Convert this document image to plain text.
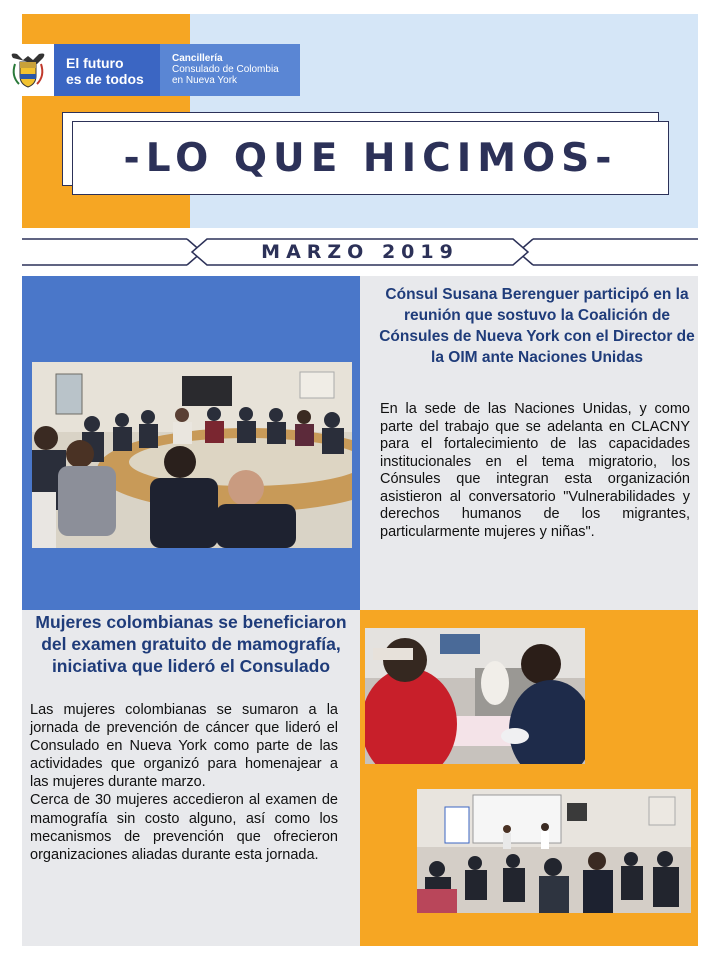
El futuro
es de todos
Cancillería
Consulado de Colombia
en Nueva York
-LO QUE HICIMOS-
MARZO 2019
Cónsul Susana Berenguer participó en la reunión que sostuvo la Coalición de Cónsules de Nueva York con el Director de la OIM ante Naciones Unidas
En la sede de las Naciones Unidas, y como parte del trabajo que se adelanta en CLACNY para el fortalecimiento de las capacidades institucionales en el tema migratorio, los Cónsules que integran esta organización asistieron al conversatorio "Vulnerabilidades y derechos humanos de los migrantes, particularmente mujeres y niñas".
Mujeres colombianas se beneficiaron del examen gratuito de mamografía, iniciativa que lideró el Consulado

Las mujeres colombianas se sumaron a la jornada de prevención de cáncer que lideró el Consulado en Nueva York como parte de las actividades que organizó para homenajear a las mujeres durante marzo.

Cerca de 30 mujeres accedieron al examen de mamografía sin costo alguno, así como los mecanismos de prevención que ofrecieron organizaciones aliadas durante esta jornada.
